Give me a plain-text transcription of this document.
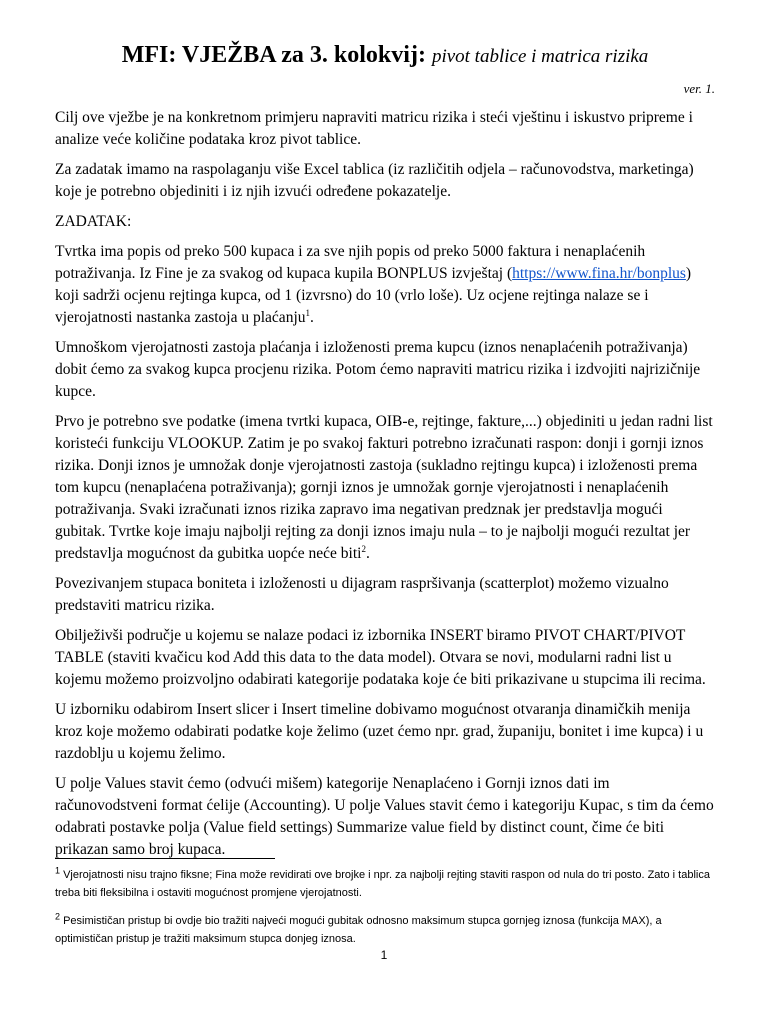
MFI: VJEŽBA za 3. kolokvij: pivot tablice i matrica rizika
ver. 1.

Cilj ove vježbe je na konkretnom primjeru napraviti matricu rizika i steći vještinu i iskustvo pripreme i analize veće količine podataka kroz pivot tablice.

Za zadatak imamo na raspolaganju više Excel tablica (iz različitih odjela – računovodstva, marketinga) koje je potrebno objediniti i iz njih izvući određene pokazatelje.

ZADATAK:

Tvrtka ima popis od preko 500 kupaca i za sve njih popis od preko 5000 faktura i nenaplaćenih potraživanja. Iz Fine je za svakog od kupaca kupila BONPLUS izvještaj (https://www.fina.hr/bonplus) koji sadrži ocjenu rejtinga kupca, od 1 (izvrsno) do 10 (vrlo loše). Uz ocjene rejtinga nalaze se i vjerojatnosti nastanka zastoja u plaćanju$^1$.

Umnoškom vjerojatnosti zastoja plaćanja i izloženosti prema kupcu (iznos nenaplaćenih potraživanja) dobit ćemo za svakog kupca procjenu rizika. Potom ćemo napraviti matricu rizika i izdvojiti najrizičnije kupce.

Prvo je potrebno sve podatke (imena tvrtki kupaca, OIB-e, rejtinge, fakture,...) objediniti u jedan radni list koristeći funkciju VLOOKUP. Zatim je po svakoj fakturi potrebno izračunati raspon: donji i gornji iznos rizika. Donji iznos je umnožak donje vjerojatnosti zastoja (sukladno rejtingu kupca) i izloženosti prema tom kupcu (nenaplaćena potraživanja); gornji iznos je umnožak gornje vjerojatnosti i nenaplaćenih potraživanja. Svaki izračunati iznos rizika zapravo ima negativan predznak jer predstavlja mogući gubitak. Tvrtke koje imaju najbolji rejting za donji iznos imaju nula – to je najbolji mogući rezultat jer predstavlja mogućnost da gubitka uopće neće biti$^2$.

Povezivanjem stupaca boniteta i izloženosti u dijagram raspršivanja (scatterplot) možemo vizualno predstaviti matricu rizika.

Obilježivši područje u kojemu se nalaze podaci iz izbornika INSERT biramo PIVOT CHART/PIVOT TABLE (staviti kvačicu kod Add this data to the data model). Otvara se novi, modularni radni list u kojemu možemo proizvoljno odabirati kategorije podataka koje će biti prikazivane u stupcima ili recima.

U izborniku odabirom Insert slicer i Insert timeline dobivamo mogućnost otvaranja dinamičkih menija kroz koje možemo odabirati podatke koje želimo (uzet ćemo npr. grad, županiju, bonitet i ime kupca) i u razdoblju u kojemu želimo.

U polje Values stavit ćemo (odvući mišem) kategorije Nenaplaćeno i Gornji iznos dati im računovodstveni format ćelije (Accounting). U polje Values stavit ćemo i kategoriju Kupac, s tim da ćemo odabrati postavke polja (Value field settings) Summarize value field by distinct count, čime će biti prikazan samo broj kupaca.

$^1$ Vjerojatnosti nisu trajno fiksne; Fina može revidirati ove brojke i npr. za najbolji rejting staviti raspon od nula do tri posto. Zato i tablica treba biti fleksibilna i ostaviti mogućnost promjene vjerojatnosti.

$^2$ Pesimističan pristup bi ovdje bio tražiti najveći mogući gubitak odnosno maksimum stupca gornjeg iznosa (funkcija MAX), a optimističan pristup je tražiti maksimum stupca donjeg iznosa.

1
